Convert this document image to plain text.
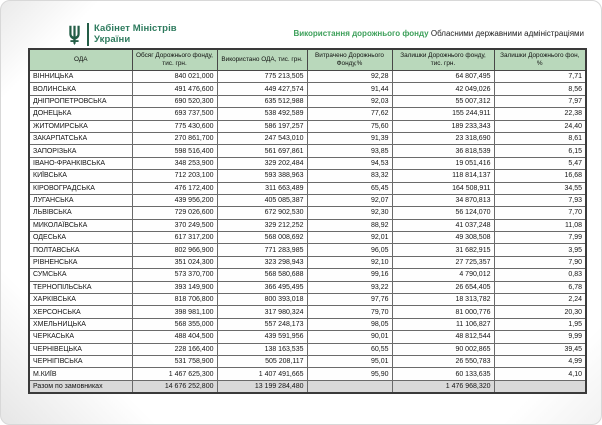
Кабінет Міністрів
України	Використання дорожнього фонду Обласними державними адміністраціями
ОДА	Обсяг Дорожнього фонду, тис. грн.	Використано ОДА, тис. грн.	Витрачено Дорожнього Фонду,%	Залишки Дорожнього фонду, тис. грн.	Залишки Дорожнього фон, %
ВІННИЦЬКА	840 021,000	775 213,505	92,28	64 807,495	7,71
ВОЛИНСЬКА	491 476,600	449 427,574	91,44	42 049,026	8,56
ДНІПРОПЕТРОВСЬКА	690 520,300	635 512,988	92,03	55 007,312	7,97
ДОНЕЦЬКА	693 737,500	538 492,589	77,62	155 244,911	22,38
ЖИТОМИРСЬКА	775 430,600	586 197,257	75,60	189 233,343	24,40
ЗАКАРПАТСЬКА	270 861,700	247 543,010	91,39	23 318,690	8,61
ЗАПОРІЗЬКА	598 516,400	561 697,861	93,85	36 818,539	6,15
ІВАНО-ФРАНКІВСЬКА	348 253,900	329 202,484	94,53	19 051,416	5,47
КИЇВСЬКА	712 203,100	593 388,963	83,32	118 814,137	16,68
КІРОВОГРАДСЬКА	476 172,400	311 663,489	65,45	164 508,911	34,55
ЛУГАНСЬКА	439 956,200	405 085,387	92,07	34 870,813	7,93
ЛЬВІВСЬКА	729 026,600	672 902,530	92,30	56 124,070	7,70
МИКОЛАЇВСЬКА	370 249,500	329 212,252	88,92	41 037,248	11,08
ОДЕСЬКА	617 317,200	568 008,692	92,01	49 308,508	7,99
ПОЛТАВСЬКА	802 966,900	771 283,985	96,05	31 682,915	3,95
РІВНЕНСЬКА	351 024,300	323 298,943	92,10	27 725,357	7,90
СУМСЬКА	573 370,700	568 580,688	99,16	4 790,012	0,83
ТЕРНОПІЛЬСЬКА	393 149,900	366 495,495	93,22	26 654,405	6,78
ХАРКІВСЬКА	818 706,800	800 393,018	97,76	18 313,782	2,24
ХЕРСОНСЬКА	398 981,100	317 980,324	79,70	81 000,776	20,30
ХМЕЛЬНИЦЬКА	568 355,000	557 248,173	98,05	11 106,827	1,95
ЧЕРКАСЬКА	488 404,500	439 591,956	90,01	48 812,544	9,99
ЧЕРНІВЕЦЬКА	228 166,400	138 163,535	60,55	90 002,865	39,45
ЧЕРНІГІВСЬКА	531 758,900	505 208,117	95,01	26 550,783	4,99
М.КИЇВ	1 467 625,300	1 407 491,665	95,90	60 133,635	4,10
Разом по замовниках	14 676 252,800	13 199 284,480		1 476 968,320	
